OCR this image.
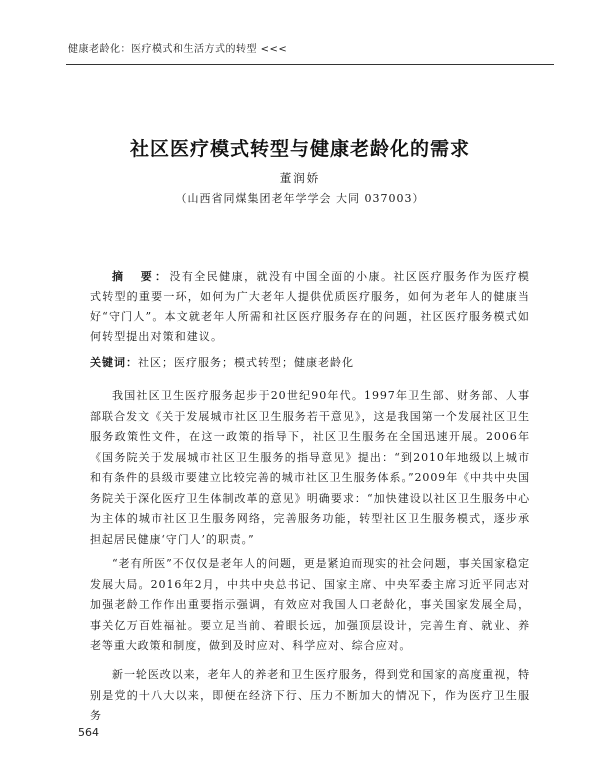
健康老龄化：医疗模式和生活方式的转型 <<<
社区医疗模式转型与健康老龄化的需求
董润娇
（山西省同煤集团老年学学会 大同 037003）

摘　要：没有全民健康，就没有中国全面的小康。社区医疗服务作为医疗模式转型的重要一环，如何为广大老年人提供优质医疗服务，如何为老年人的健康当好“守门人”。本文就老年人所需和社区医疗服务存在的问题，社区医疗服务模式如何转型提出对策和建议。

关键词：社区；医疗服务；模式转型；健康老龄化

我国社区卫生医疗服务起步于20世纪90年代。1997年卫生部、财务部、人事部联合发文《关于发展城市社区卫生服务若干意见》，这是我国第一个发展社区卫生服务政策性文件，在这一政策的指导下，社区卫生服务在全国迅速开展。2006年《国务院关于发展城市社区卫生服务的指导意见》提出：“到2010年地级以上城市和有条件的县级市要建立比较完善的城市社区卫生服务体系。”2009年《中共中央国务院关于深化医疗卫生体制改革的意见》明确要求：“加快建设以社区卫生服务中心为主体的城市社区卫生服务网络，完善服务功能，转型社区卫生服务模式，逐步承担起居民健康‘守门人’的职责。”

“老有所医”不仅仅是老年人的问题，更是紧迫而现实的社会问题，事关国家稳定发展大局。2016年2月，中共中央总书记、国家主席、中央军委主席习近平同志对加强老龄工作作出重要指示强调，有效应对我国人口老龄化，事关国家发展全局，事关亿万百姓福祉。要立足当前、着眼长远，加强顶层设计，完善生育、就业、养老等重大政策和制度，做到及时应对、科学应对、综合应对。

新一轮医改以来，老年人的养老和卫生医疗服务，得到党和国家的高度重视，特别是党的十八大以来，即便在经济下行、压力不断加大的情况下，作为医疗卫生服务

564
